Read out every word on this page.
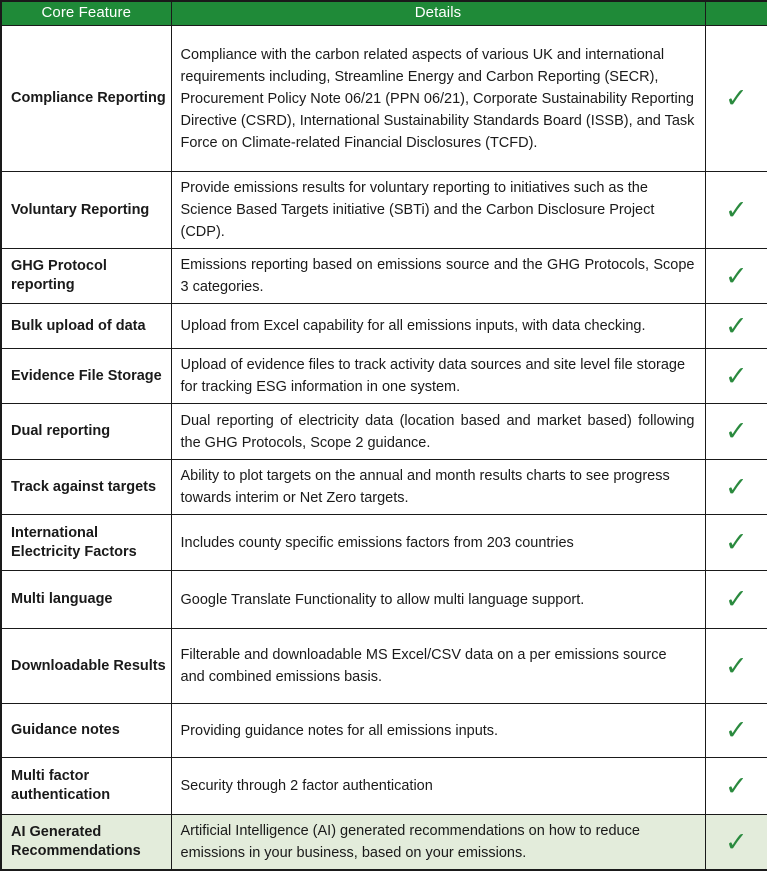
Core Feature	Details	
Compliance Reporting	Compliance with the carbon related aspects of various UK and international requirements including, Streamline Energy and Carbon Reporting (SECR), Procurement Policy Note 06/21 (PPN 06/21), Corporate Sustainability Reporting Directive (CSRD), International Sustainability Standards Board (ISSB), and Task Force on Climate-related Financial Disclosures (TCFD).	✓
Voluntary Reporting	Provide emissions results for voluntary reporting to initiatives such as the Science Based Targets initiative (SBTi) and the Carbon Disclosure Project (CDP).	✓
GHG Protocol reporting	Emissions reporting based on emissions source and the GHG Protocols, Scope 3 categories.	✓
Bulk upload of data	Upload from Excel capability for all emissions inputs, with data checking.	✓
Evidence File Storage	Upload of evidence files to track activity data sources and site level file storage for tracking ESG information in one system.	✓
Dual reporting	Dual reporting of electricity data (location based and market based) following the GHG Protocols, Scope 2 guidance.	✓
Track against targets	Ability to plot targets on the annual and month results charts to see progress towards interim or Net Zero targets.	✓
International Electricity Factors	Includes county specific emissions factors from 203 countries	✓
Multi language	Google Translate Functionality to allow multi language support.	✓
Downloadable Results	Filterable and downloadable MS Excel/CSV data on a per emissions source and combined emissions basis.	✓
Guidance notes	Providing guidance notes for all emissions inputs.	✓
Multi factor authentication	Security through 2 factor authentication	✓
AI Generated Recommendations	Artificial Intelligence (AI) generated recommendations on how to reduce emissions in your business, based on your emissions.	✓
